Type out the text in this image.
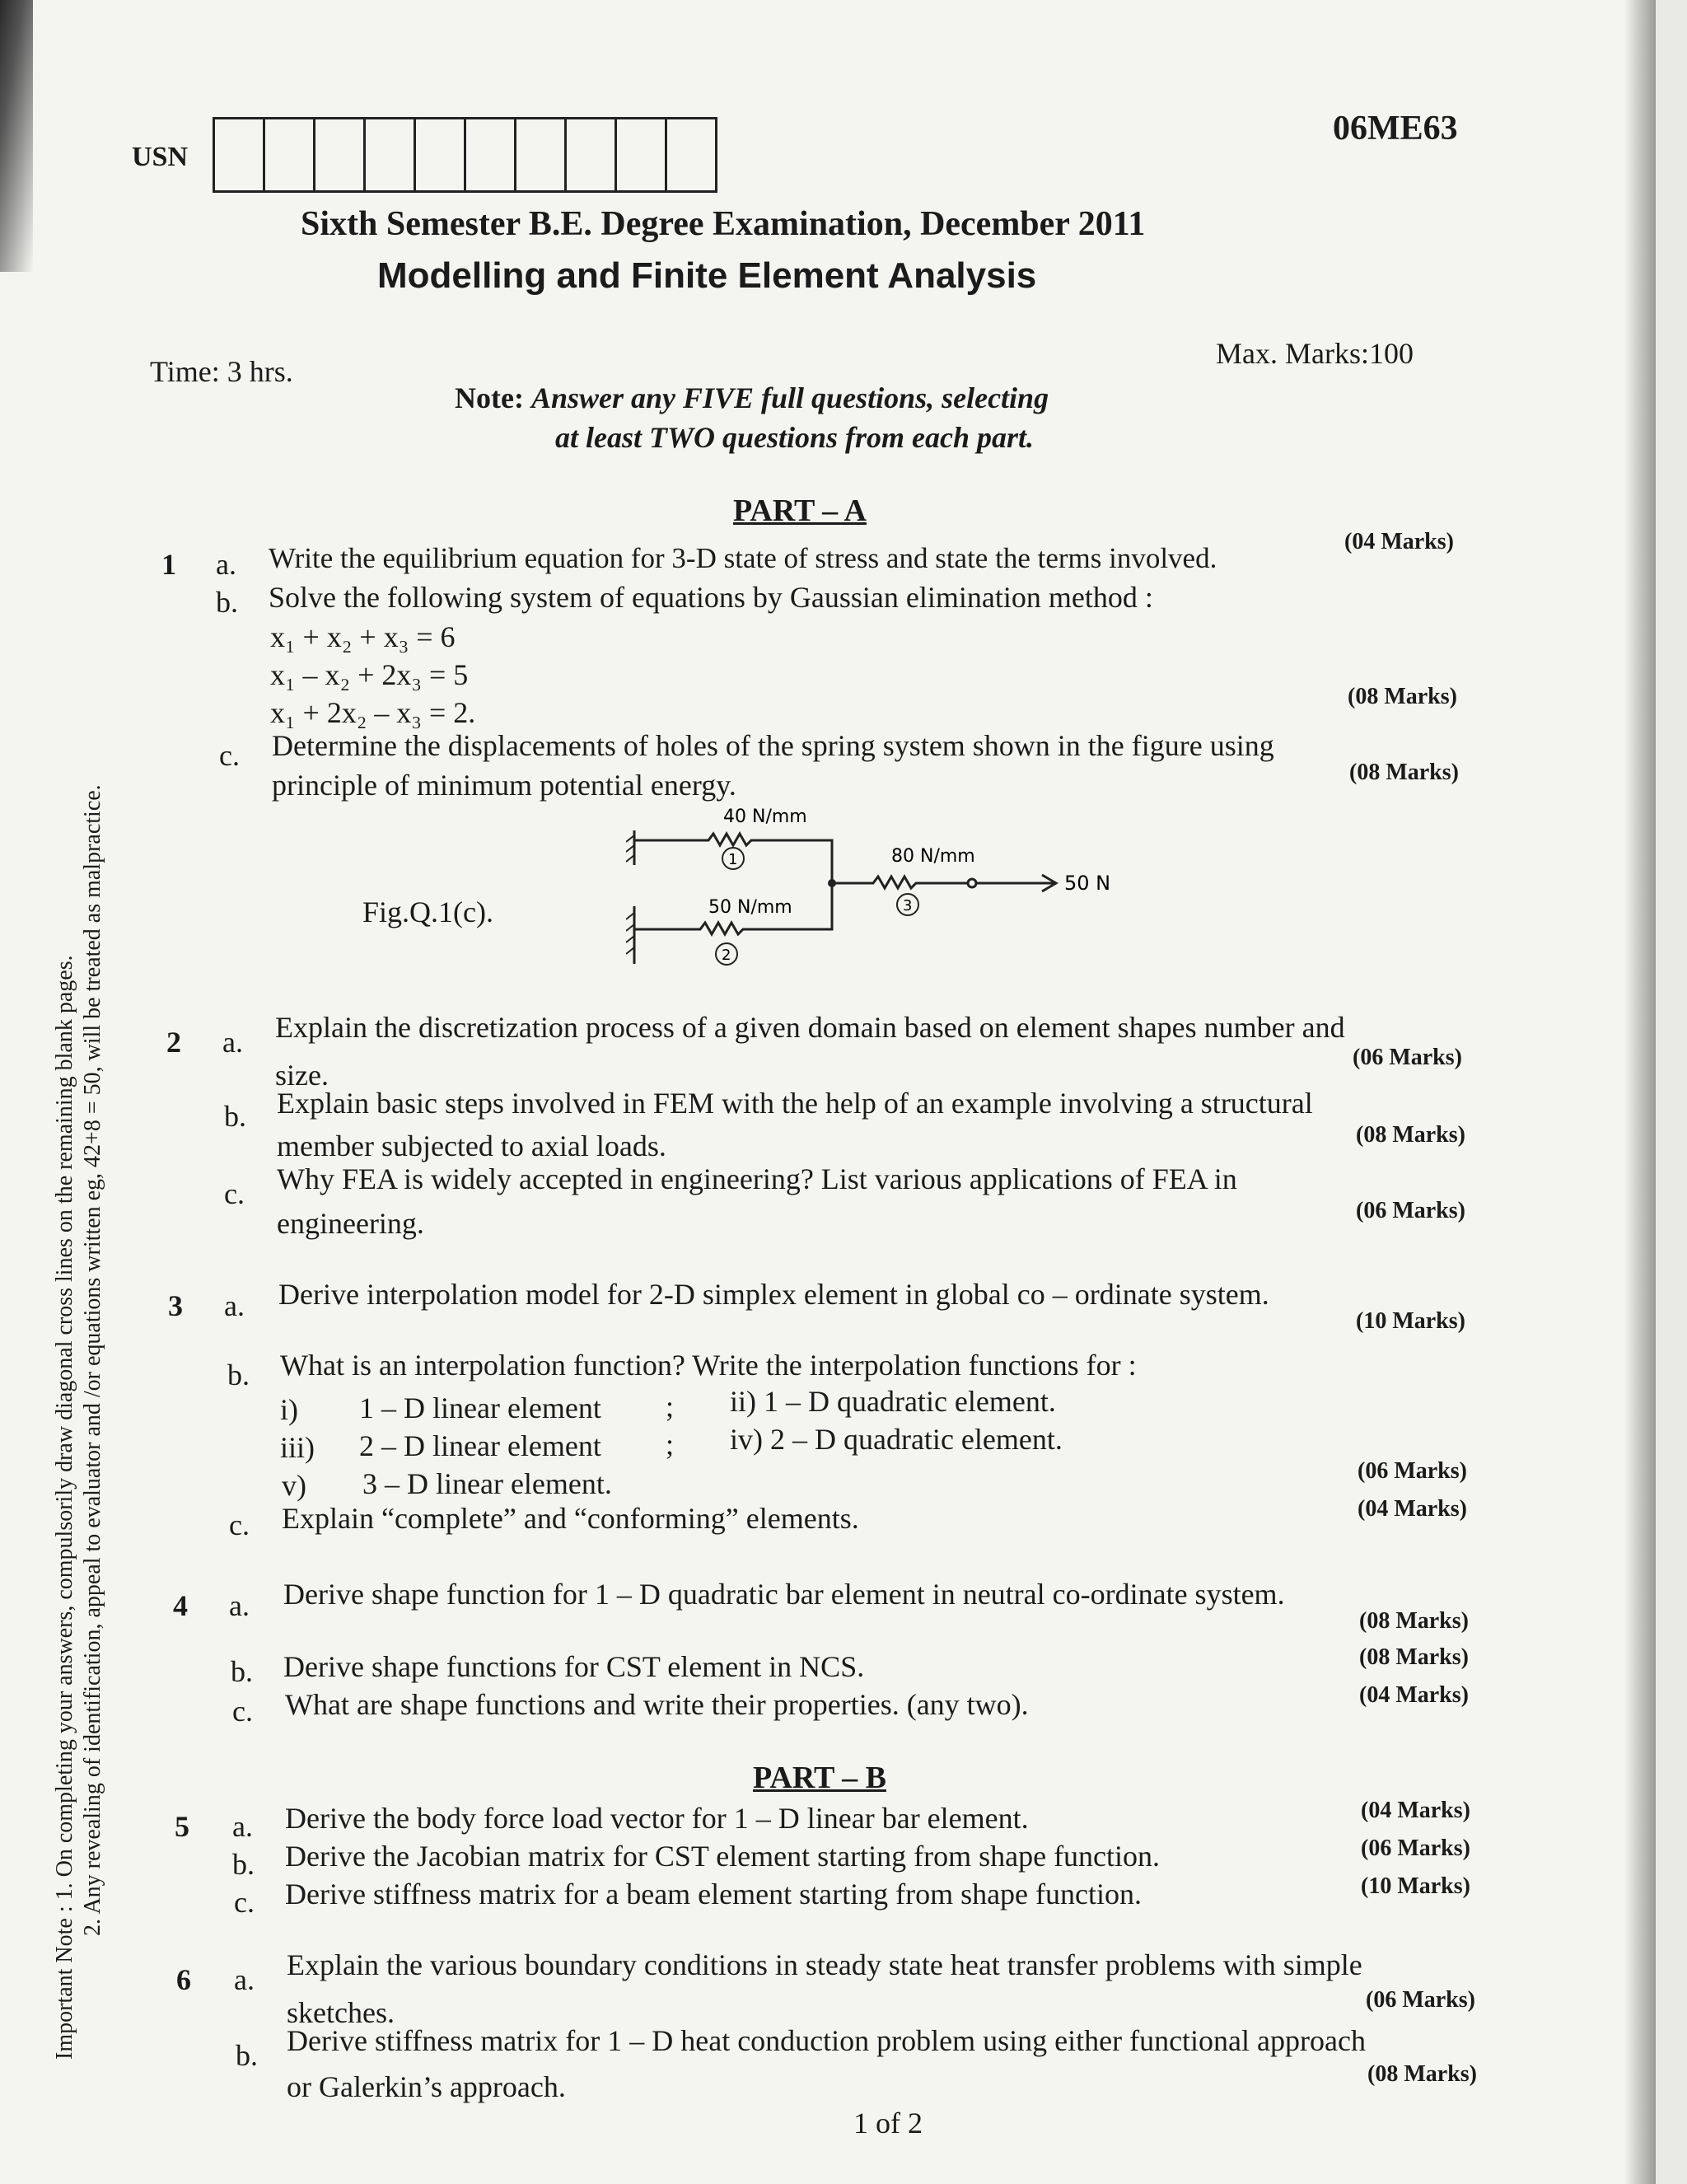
USN
06ME63
Sixth Semester B.E. Degree Examination, December 2011
Modelling and Finite Element Analysis
Time: 3 hrs.
Max. Marks:100
Note: Answer any FIVE full questions, selecting
at least TWO questions from each part.
Important Note : 1. On completing your answers, compulsorily draw diagonal cross lines on the remaining blank pages. 2. Any revealing of identification, appeal to evaluator and /or equations written eg, 42+8 = 50, will be treated as malpractice.
PART – A
1 a. Write the equilibrium equation for 3-D state of stress and state the terms involved.
(04 Marks)
b. Solve the following system of equations by Gaussian elimination method :
x₁ + x₂ + x₃ = 6
x₁ – x₂ + 2x₃ = 5
x₁ + 2x₂ – x₃ = 2.	(08 Marks)
c. Determine the displacements of holes of the spring system shown in the figure using
principle of minimum potential energy.	(08 Marks)
Fig.Q.1(c).
40 N/mm
50 N/mm
80 N/mm
50 N
1
2
3
2 a. Explain the discretization process of a given domain based on element shapes number and
size.
(06 Marks)
b. Explain basic steps involved in FEM with the help of an example involving a structural
member subjected to axial loads.	(08 Marks)
c. Why FEA is widely accepted in engineering? List various applications of FEA in
engineering.	(06 Marks)
3 a. Derive interpolation model for 2-D simplex element in global co – ordinate system.
(10 Marks)
b. What is an interpolation function? Write the interpolation functions for :
i) 1 – D linear element ; ii) 1 – D quadratic element.
iii) 2 – D linear element ; iv) 2 – D quadratic element.
v) 3 – D linear element.	(06 Marks)
c. Explain “complete” and “conforming” elements.	(04 Marks)
4 a. Derive shape function for 1 – D quadratic bar element in neutral co-ordinate system.
(08 Marks)
b. Derive shape functions for CST element in NCS.	(08 Marks)
c. What are shape functions and write their properties. (any two).	(04 Marks)
PART – B
5 a. Derive the body force load vector for 1 – D linear bar element.	(04 Marks)
b. Derive the Jacobian matrix for CST element starting from shape function.	(06 Marks)
c. Derive stiffness matrix for a beam element starting from shape function.	(10 Marks)
6 a. Explain the various boundary conditions in steady state heat transfer problems with simple
sketches.	(06 Marks)
b. Derive stiffness matrix for 1 – D heat conduction problem using either functional approach
or Galerkin’s approach.	(08 Marks)
1 of 2
